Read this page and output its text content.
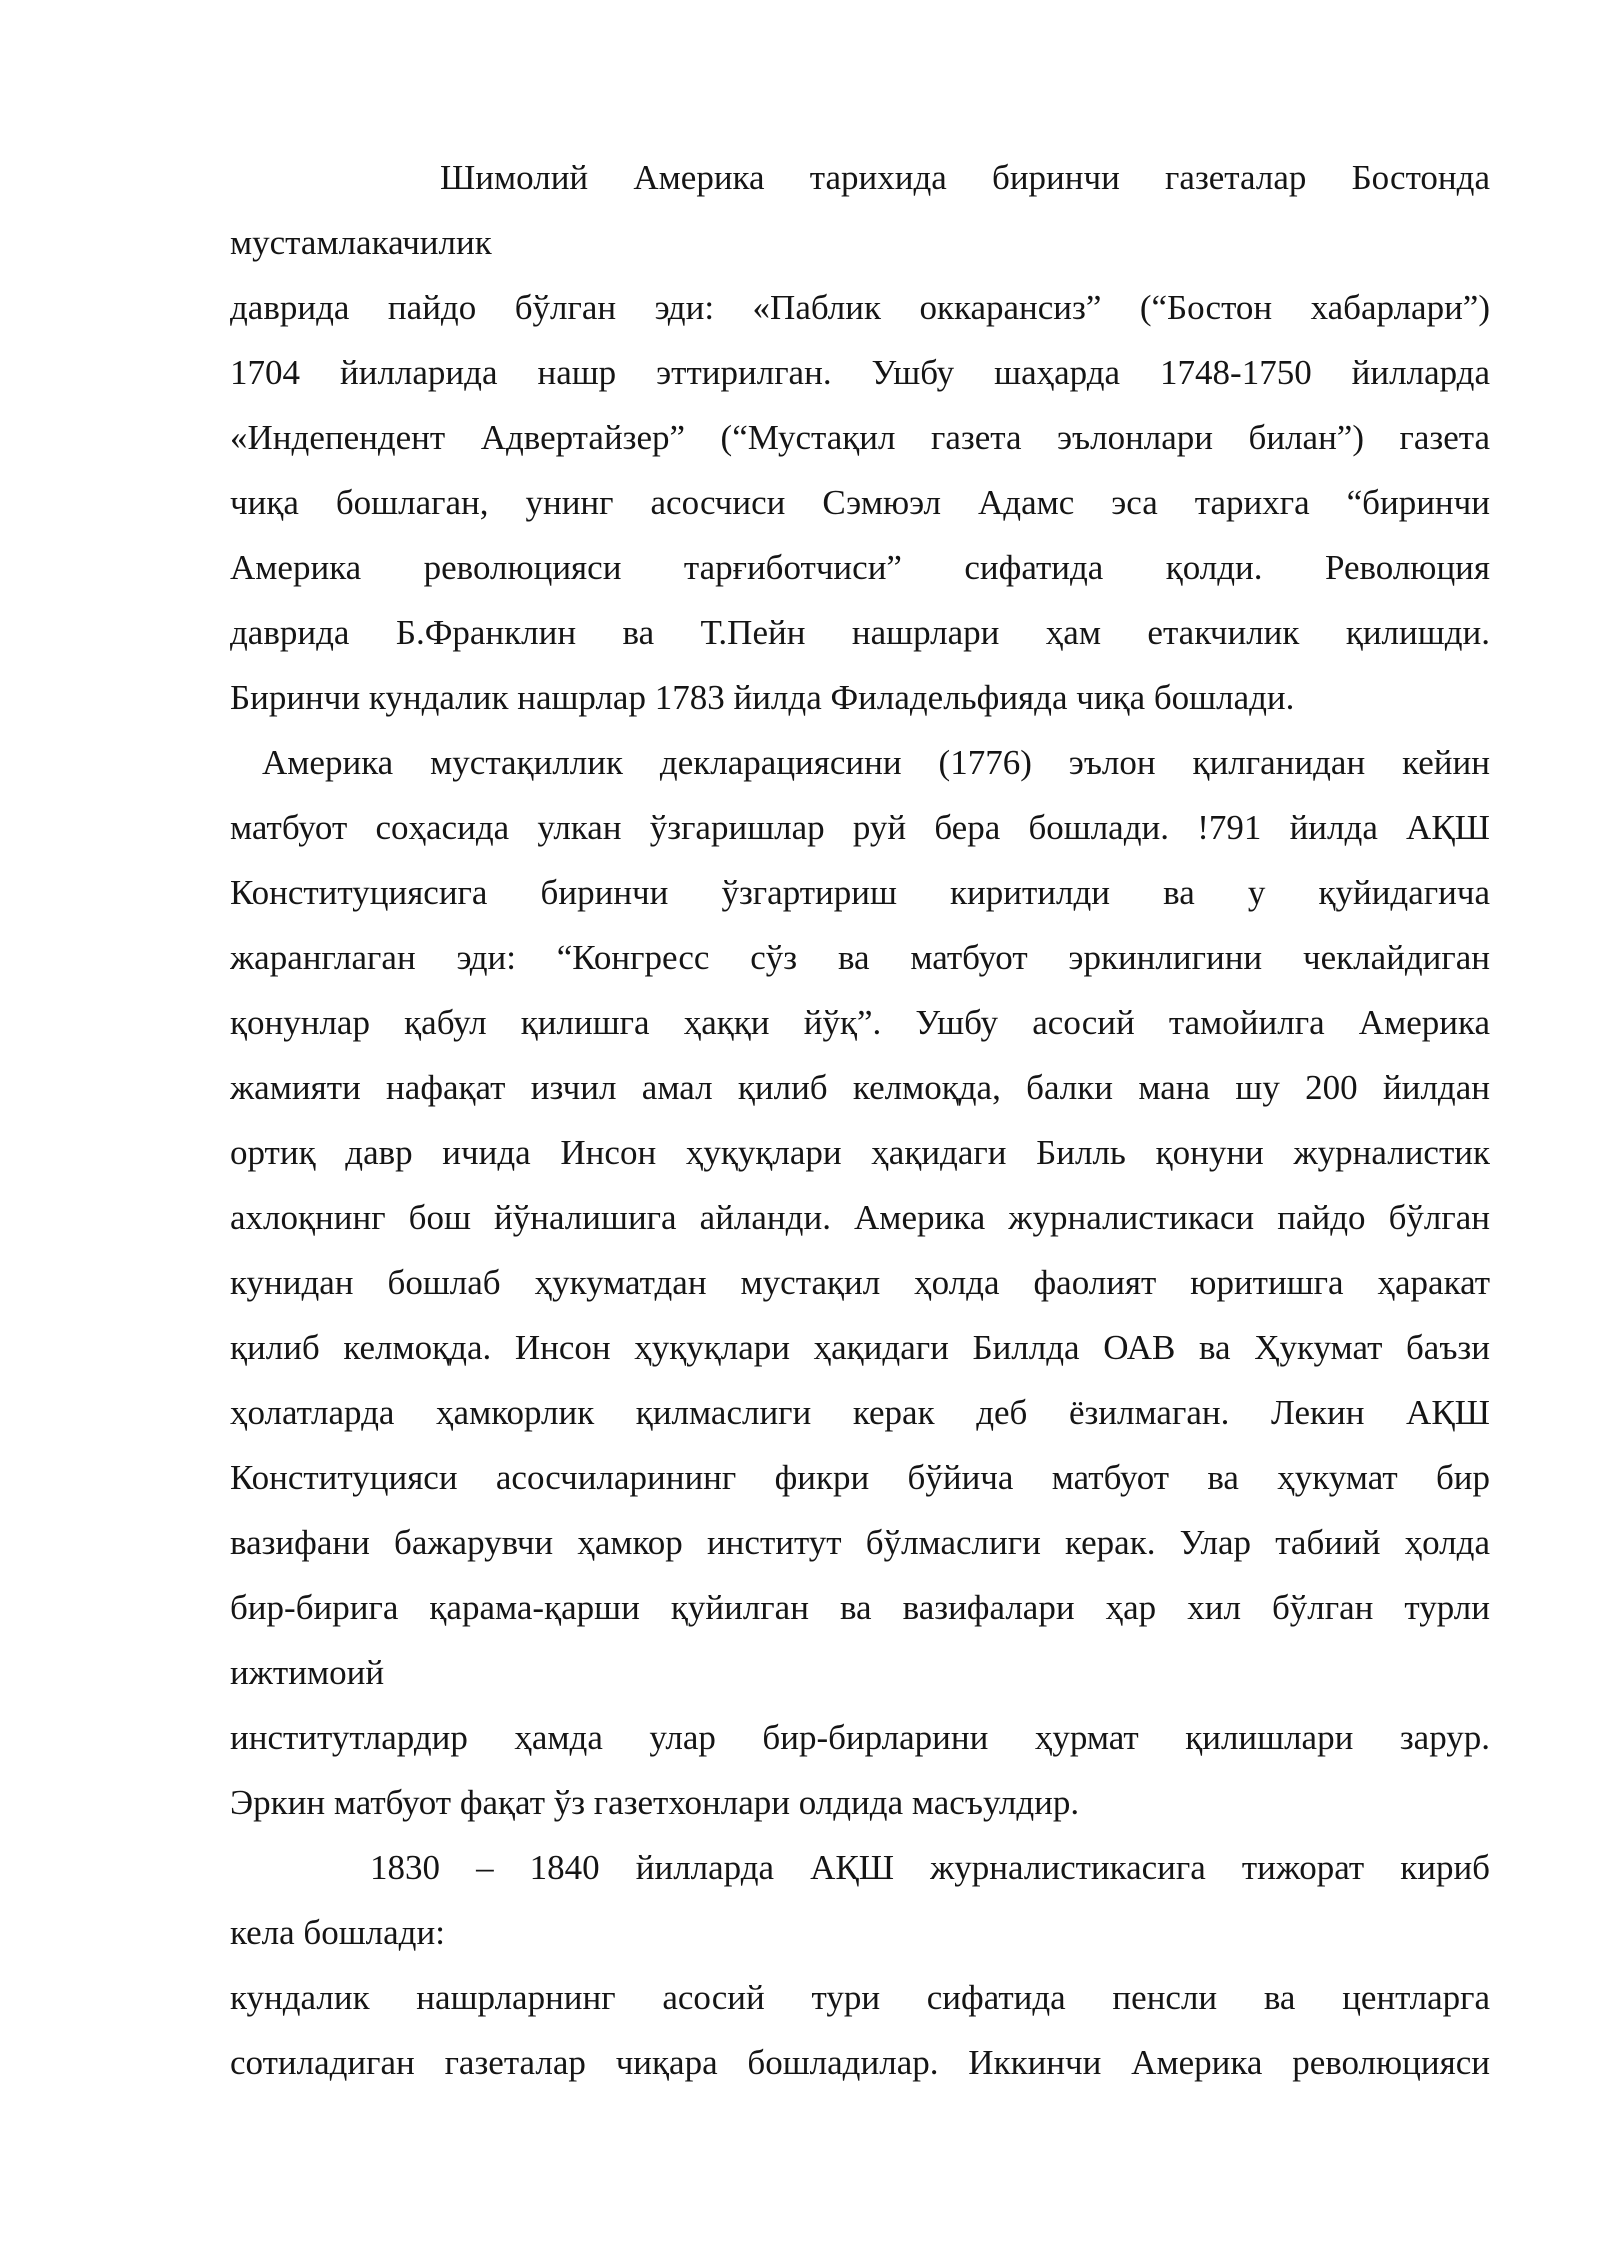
Шимолий Америка тарихида биринчи газеталар Бостонда
мустамлакачилик
даврида пайдо бўлган эди: «Паблик оккарансиз” (“Бостон хабарлари”)
1704 йилларида нашр эттирилган. Ушбу шаҳарда 1748-1750 йилларда
«Индепендент Адвертайзер” (“Мустақил газета эълонлари билан”) газета
чиқа бошлаган, унинг асосчиси Сэмюэл Адамс эса тарихга “биринчи
Америка революцияси тарғиботчиси” сифатида қолди. Революция
даврида Б.Франклин ва Т.Пейн нашрлари ҳам етакчилик қилишди.
Биринчи кундалик нашрлар 1783 йилда Филадельфияда чиқа бошлади.
Америка мустақиллик декларациясини (1776) эълон қилганидан кейин
матбуот соҳасида улкан ўзгаришлар руй бера бошлади. !791 йилда АҚШ
Конституциясига биринчи ўзгартириш киритилди ва у қуйидагича
жаранглаган эди: “Конгресс сўз ва матбуот эркинлигини чеклайдиган
қонунлар қабул қилишга ҳаққи йўқ”. Ушбу асосий тамойилга Америка
жамияти нафақат изчил амал қилиб келмоқда, балки мана шу 200 йилдан
ортиқ давр ичида Инсон ҳуқуқлари ҳақидаги Билль қонуни журналистик
ахлоқнинг бош йўналишига айланди. Америка журналистикаси пайдо бўлган
кунидан бошлаб ҳукуматдан мустақил ҳолда фаолият юритишга ҳаракат
қилиб келмоқда. Инсон ҳуқуқлари ҳақидаги Биллда ОАВ ва Ҳукумат баъзи
ҳолатларда ҳамкорлик қилмаслиги керак деб ёзилмаган. Лекин АҚШ
Конституцияси асосчиларининг фикри бўйича матбуот ва ҳукумат бир
вазифани бажарувчи ҳамкор институт бўлмаслиги керак. Улар табиий ҳолда
бир-бирига қарама-қарши қуйилган ва вазифалари ҳар хил бўлган турли
ижтимоий
институтлардир ҳамда улар бир-бирларини ҳурмат қилишлари зарур.
Эркин матбуот фақат ўз газетхонлари олдида масъулдир.
1830 – 1840 йилларда АҚШ журналистикасига тижорат кириб
кела бошлади:
кундалик нашрларнинг асосий тури сифатида пенсли ва центларга
сотиладиган газеталар чиқара бошладилар. Иккинчи Америка революцияси
